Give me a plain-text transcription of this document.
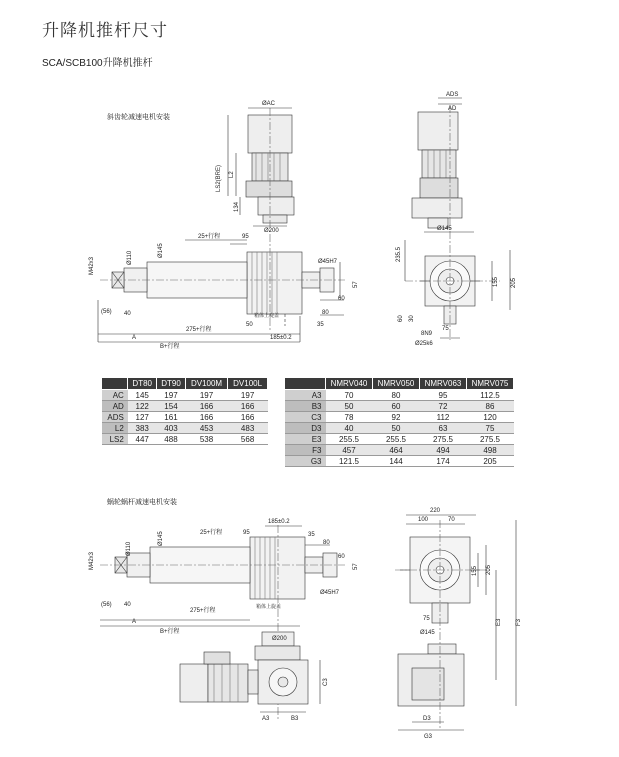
升降机推杆尺寸
SCA/SCB100升降机推杆
斜齿轮减速电机安装
蜗轮蜗杆减速电机安装
ØAC
LS2(BRE) L2
134
Ø200
25+行程	95
Ø145
Ø110
M42x3	Ø45H7
57
60
80
(56) 40
275+行程
185±0.2
35
50
箱体上旋盖
A
B+行程
ADS
AD
Ø145
235.5
155 205
60 30
75
8N9
Ø25k6
185±0.2
35
80
60
57
Ø45H7
25+行程	95
Ø145
Ø110
M42x3
(56) 40
275+行程
箱体上旋盖
A
B+行程
Ø200
C3
A3	B3
220
100	70
75
155 205
Ø145
E3 F3
D3
G3
	DT80	DT90	DV100M	DV100L
AC	145	197	197	197
AD	122	154	166	166
ADS	127	161	166	166
L2	383	403	453	483
LS2	447	488	538	568
	NMRV040	NMRV050	NMRV063	NMRV075
A3	70	80	95	112.5
B3	50	60	72	86
C3	78	92	112	120
D3	40	50	63	75
E3	255.5	255.5	275.5	275.5
F3	457	464	494	498
G3	121.5	144	174	205
